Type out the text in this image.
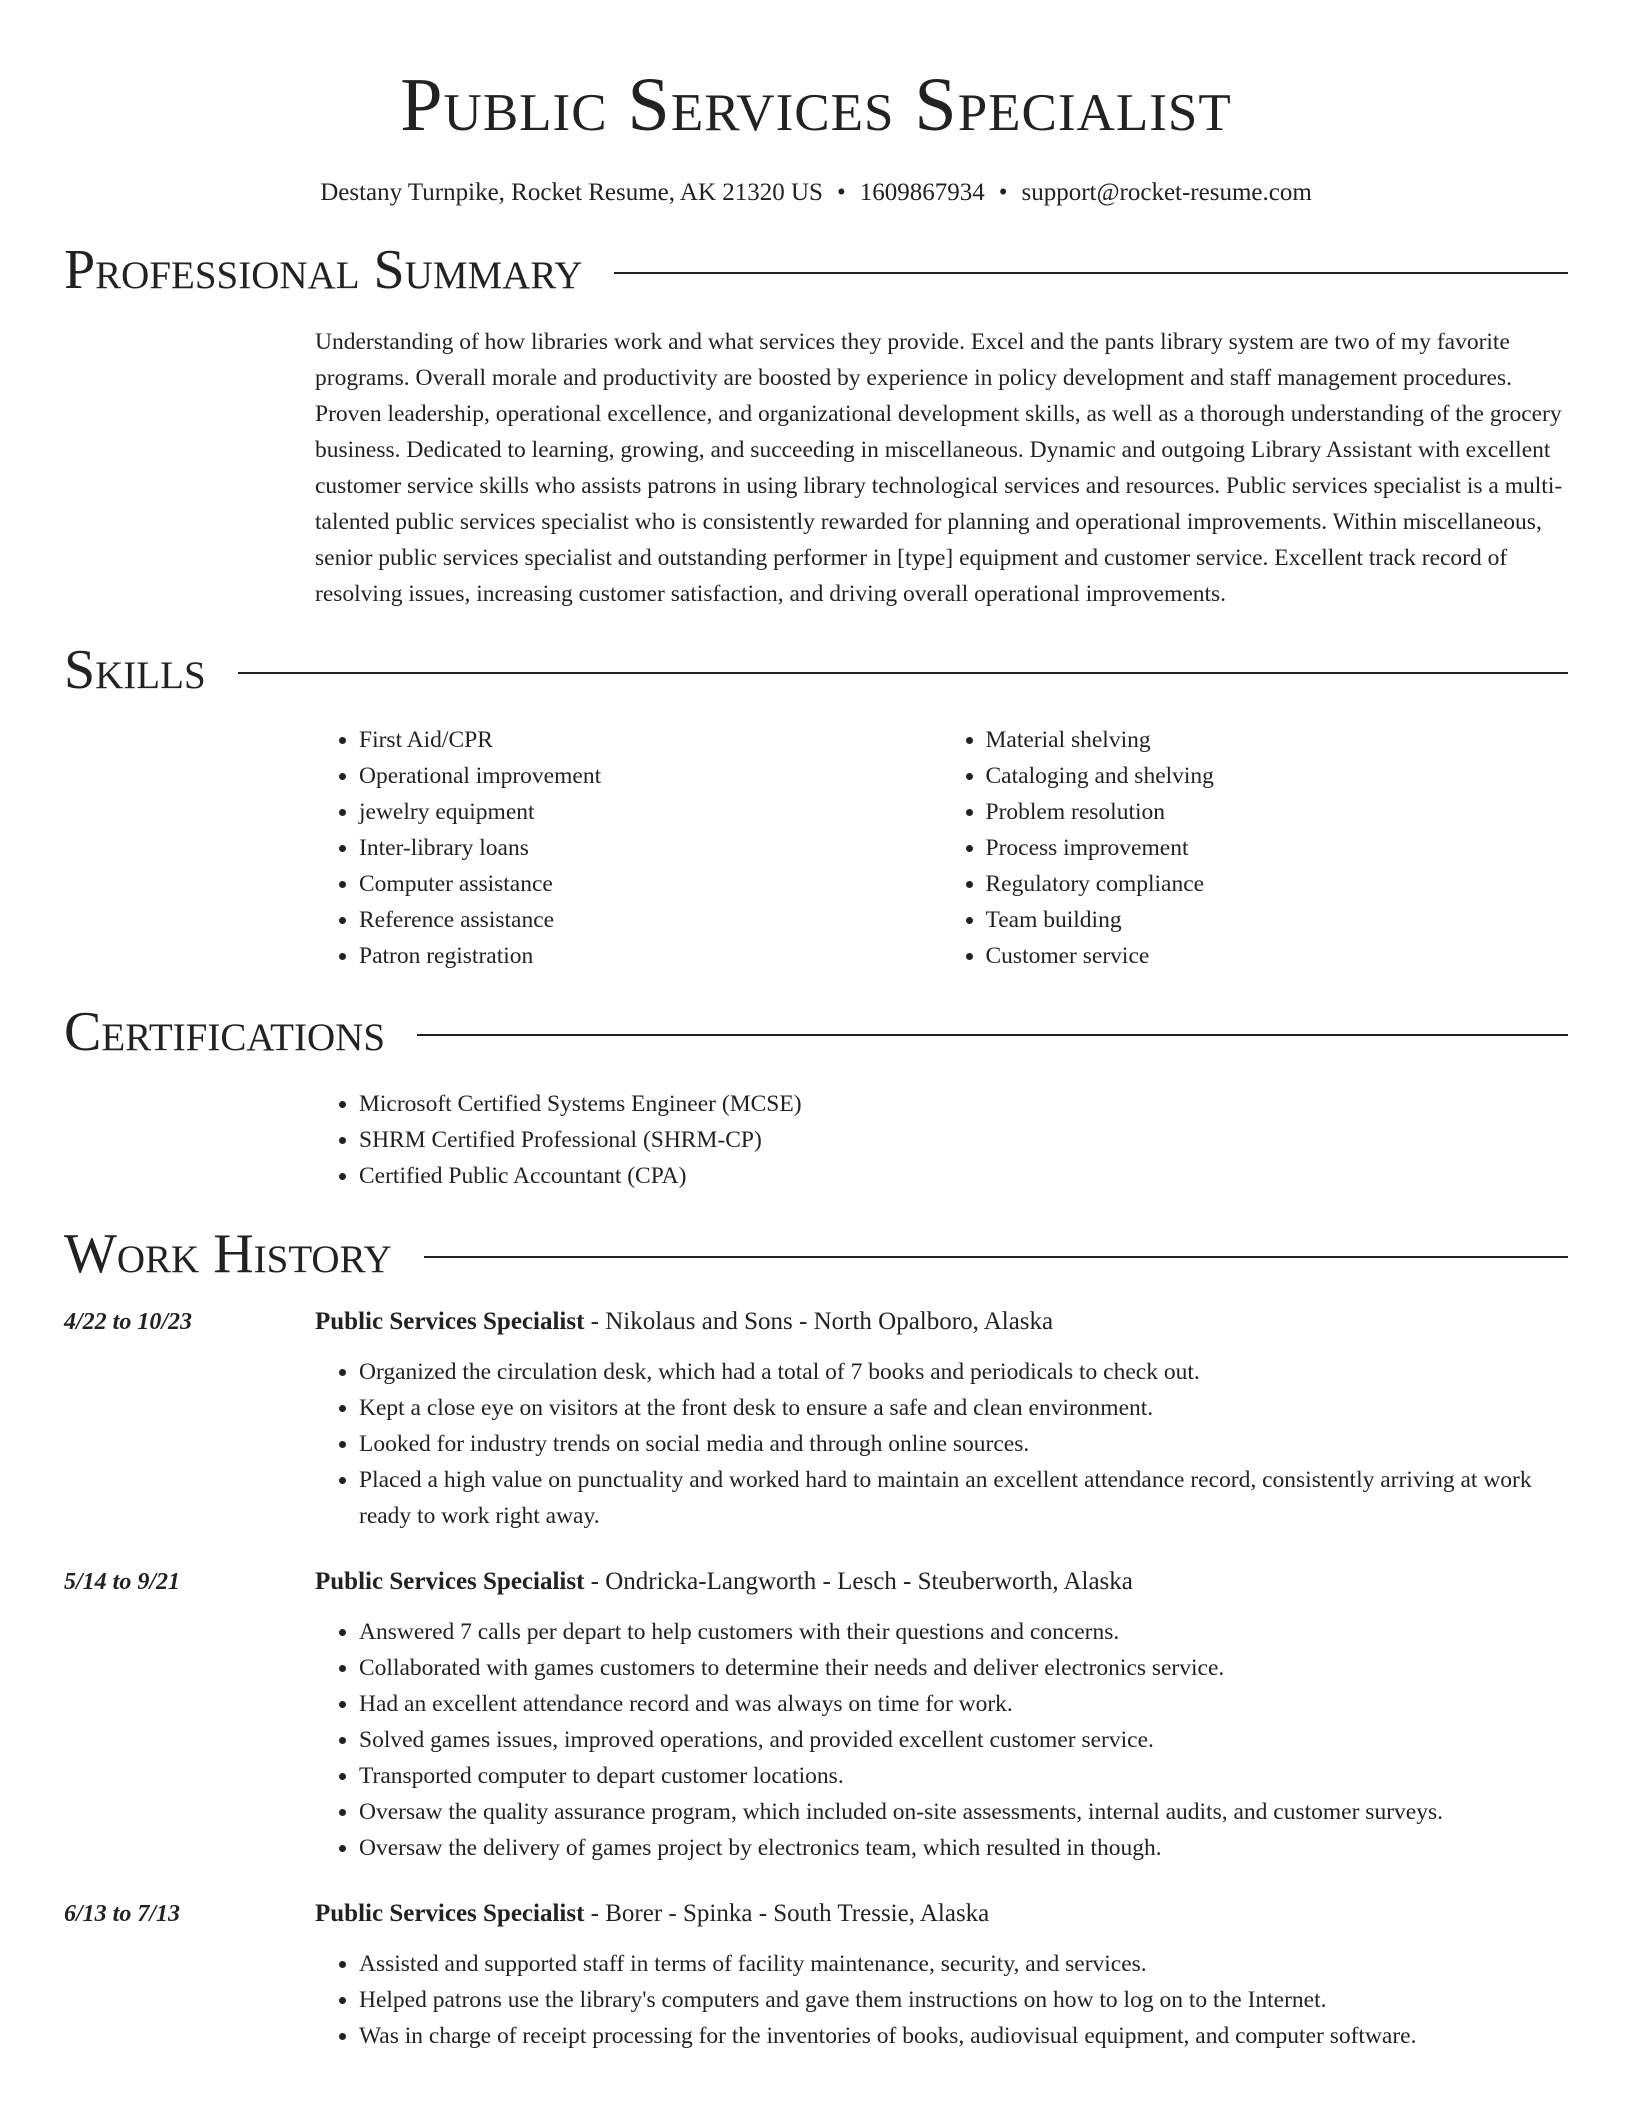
Public Services Specialist
Destany Turnpike, Rocket Resume, AK 21320 US • 1609867934 • support@rocket-resume.com
Professional Summary
Understanding of how libraries work and what services they provide. Excel and the pants library system are two of my favorite programs. Overall morale and productivity are boosted by experience in policy development and staff management procedures. Proven leadership, operational excellence, and organizational development skills, as well as a thorough understanding of the grocery business. Dedicated to learning, growing, and succeeding in miscellaneous. Dynamic and outgoing Library Assistant with excellent customer service skills who assists patrons in using library technological services and resources. Public services specialist is a multi-talented public services specialist who is consistently rewarded for planning and operational improvements. Within miscellaneous, senior public services specialist and outstanding performer in [type] equipment and customer service. Excellent track record of resolving issues, increasing customer satisfaction, and driving overall operational improvements.
Skills
• First Aid/CPR
• Operational improvement
• jewelry equipment
• Inter-library loans
• Computer assistance
• Reference assistance
• Patron registration
• Material shelving
• Cataloging and shelving
• Problem resolution
• Process improvement
• Regulatory compliance
• Team building
• Customer service
Certifications
• Microsoft Certified Systems Engineer (MCSE)
• SHRM Certified Professional (SHRM-CP)
• Certified Public Accountant (CPA)
Work History
4/22 to 10/23	Public Services Specialist - Nikolaus and Sons - North Opalboro, Alaska
• Organized the circulation desk, which had a total of 7 books and periodicals to check out.
• Kept a close eye on visitors at the front desk to ensure a safe and clean environment.
• Looked for industry trends on social media and through online sources.
• Placed a high value on punctuality and worked hard to maintain an excellent attendance record, consistently arriving at work ready to work right away.
5/14 to 9/21	Public Services Specialist - Ondricka-Langworth - Lesch - Steuberworth, Alaska
• Answered 7 calls per depart to help customers with their questions and concerns.
• Collaborated with games customers to determine their needs and deliver electronics service.
• Had an excellent attendance record and was always on time for work.
• Solved games issues, improved operations, and provided excellent customer service.
• Transported computer to depart customer locations.
• Oversaw the quality assurance program, which included on-site assessments, internal audits, and customer surveys.
• Oversaw the delivery of games project by electronics team, which resulted in though.
6/13 to 7/13	Public Services Specialist - Borer - Spinka - South Tressie, Alaska
• Assisted and supported staff in terms of facility maintenance, security, and services.
• Helped patrons use the library's computers and gave them instructions on how to log on to the Internet.
• Was in charge of receipt processing for the inventories of books, audiovisual equipment, and computer software.
